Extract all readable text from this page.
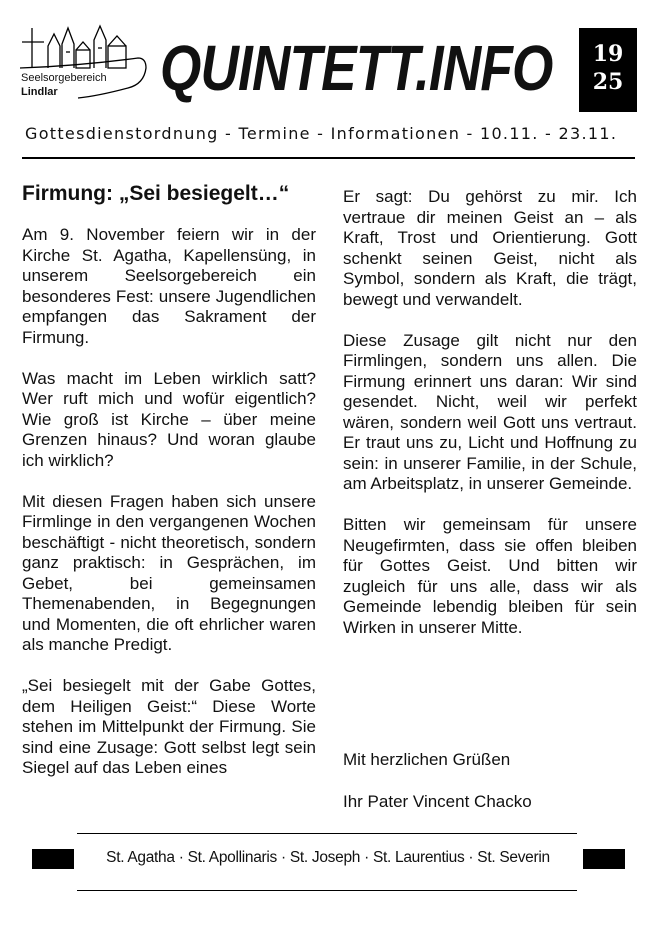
Seelsorgebereich
Lindlar QUINTETT.INFO	19
25
Gottesdienstordnung - Termine - Informationen - 10.11. - 23.11.
Firmung: „Sei besiegelt…“

Am 9. November feiern wir in der Kirche St. Agatha, Kapellensüng, in unserem Seelsorgebereich ein besonderes Fest: unsere Jugendlichen empfangen das Sakrament der Firmung.

Was macht im Leben wirklich satt? Wer ruft mich und wofür eigentlich? Wie groß ist Kirche – über meine Grenzen hinaus? Und woran glaube ich wirklich?

Mit diesen Fragen haben sich unsere Firmlinge in den vergangenen Wochen beschäftigt - nicht theoretisch, sondern ganz praktisch: in Gesprächen, im Gebet, bei gemeinsamen Themenabenden, in Begegnungen und Momenten, die oft ehrlicher waren als manche Predigt.

„Sei besiegelt mit der Gabe Gottes, dem Heiligen Geist:“ Diese Worte stehen im Mittelpunkt der Firmung. Sie sind eine Zusage: Gott selbst legt sein Siegel auf das Leben eines

Er sagt: Du gehörst zu mir. Ich vertraue dir meinen Geist an – als Kraft, Trost und Orientierung. Gott schenkt seinen Geist, nicht als Symbol, sondern als Kraft, die trägt, bewegt und verwandelt.

Diese Zusage gilt nicht nur den Firmlingen, sondern uns allen. Die Firmung erinnert uns daran: Wir sind gesendet. Nicht, weil wir perfekt wären, sondern weil Gott uns vertraut. Er traut uns zu, Licht und Hoffnung zu sein: in unserer Familie, in der Schule, am Arbeitsplatz, in unserer Gemeinde.

Bitten wir gemeinsam für unsere Neugefirmten, dass sie offen bleiben für Gottes Geist. Und bitten wir zugleich für uns alle, dass wir als Gemeinde lebendig bleiben für sein Wirken in unserer Mitte.

Mit herzlichen Grüßen
Ihr Pater Vincent Chacko
St. Agatha · St. Apollinaris · St. Joseph · St. Laurentius · St. Severin
